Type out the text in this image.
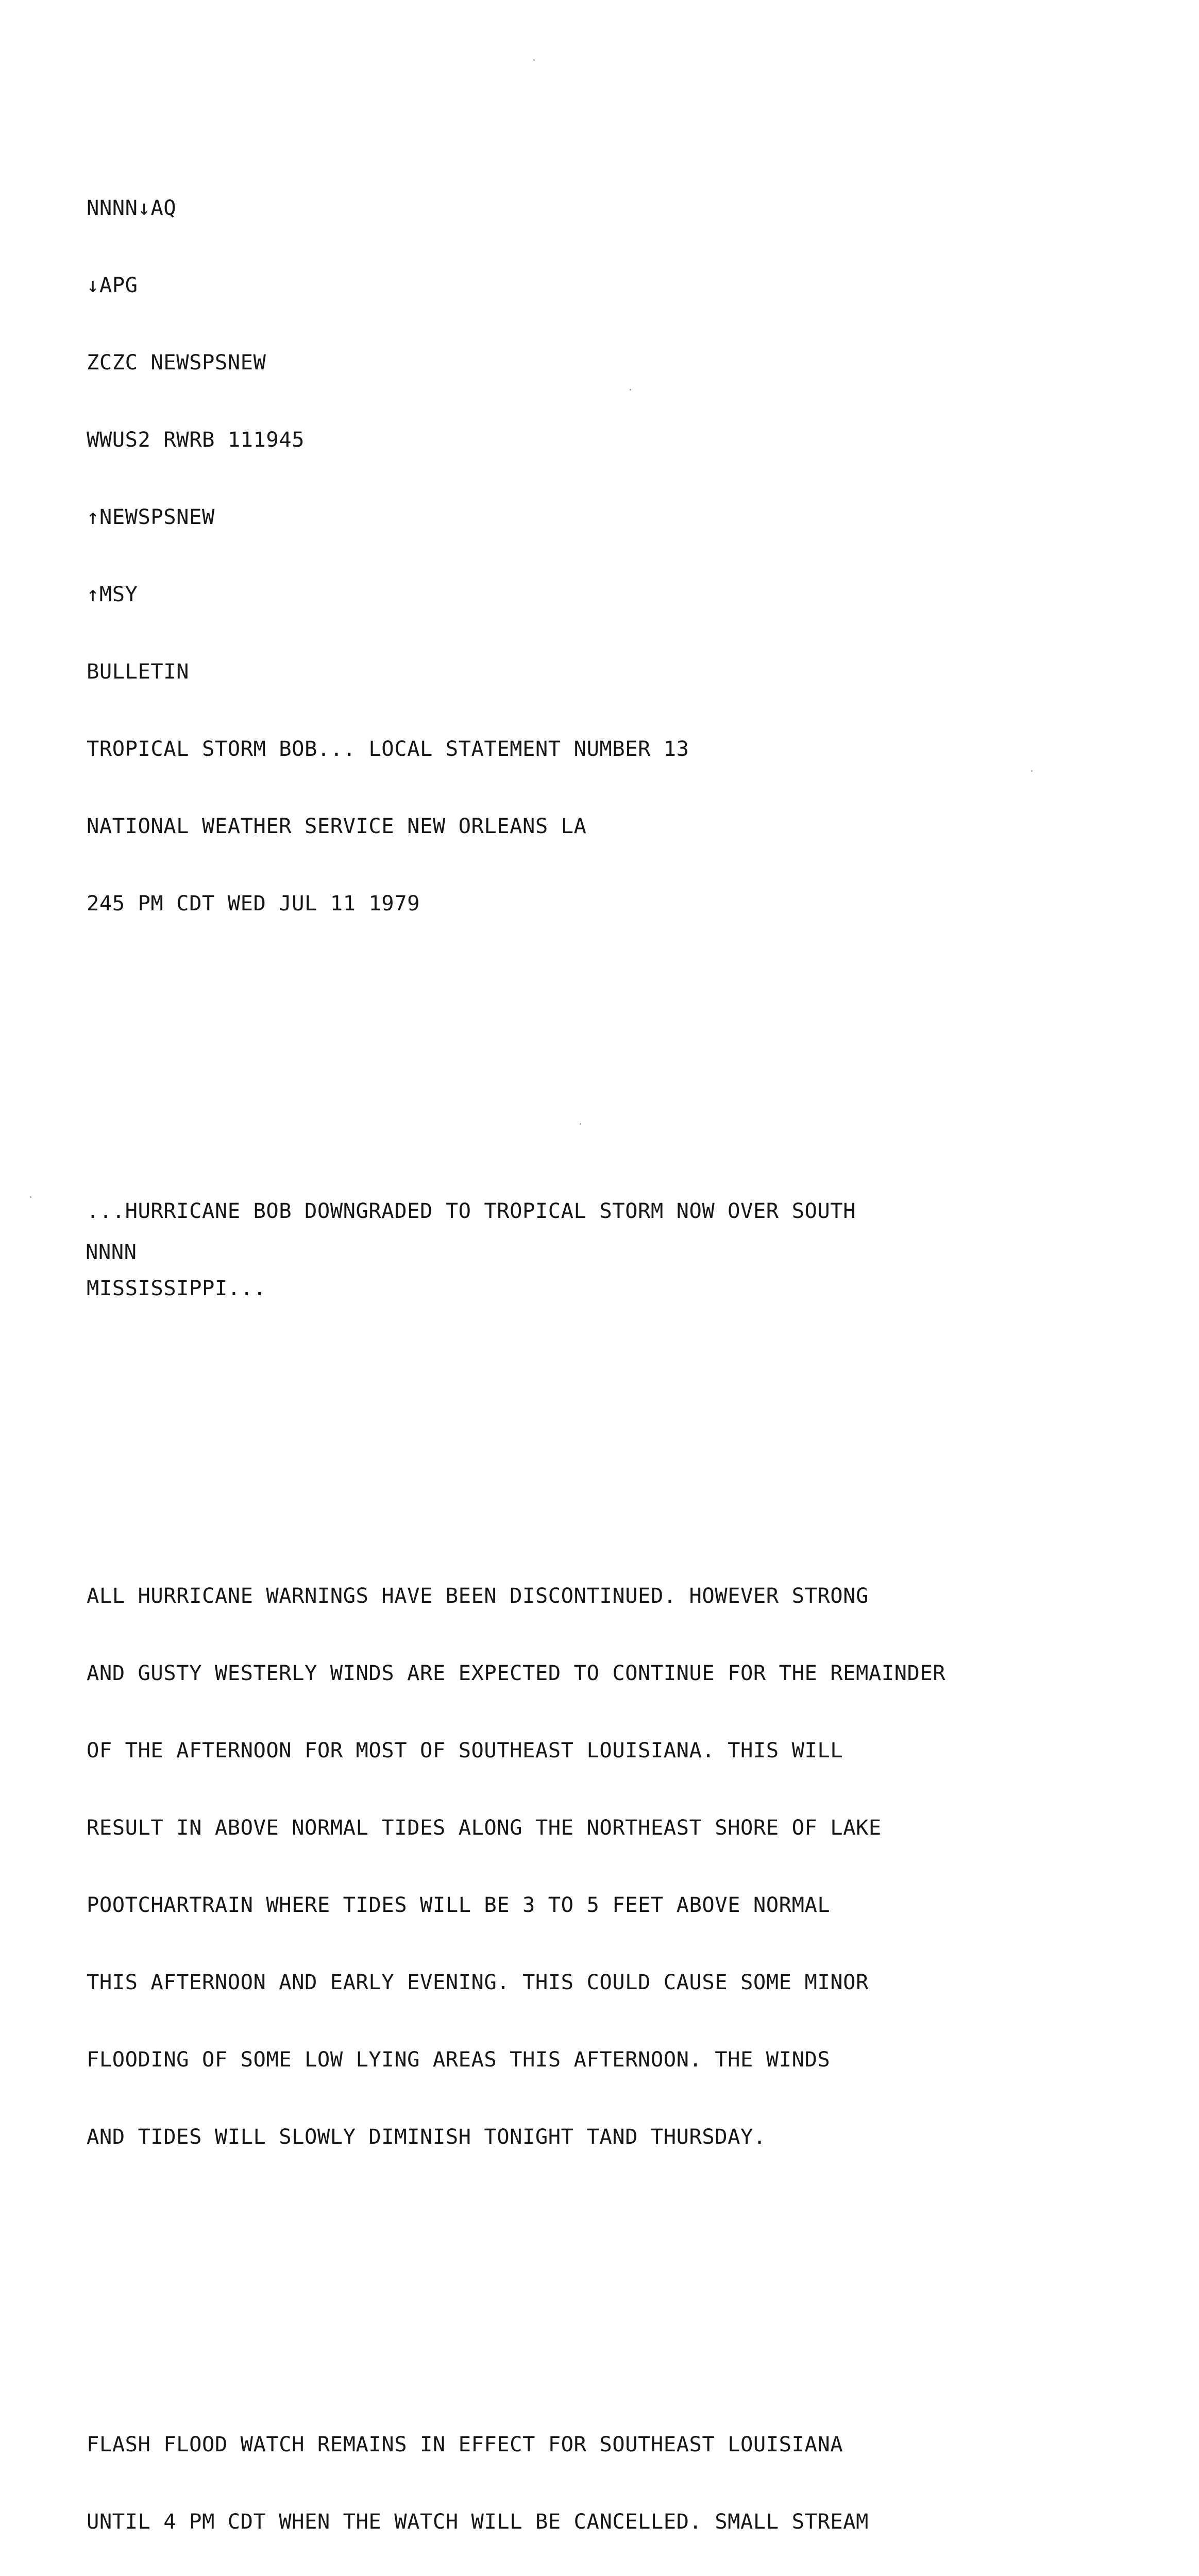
NNNN↓AQ

↓APG

ZCZC NEWSPSNEW

WWUS2 RWRB 111945

↑NEWSPSNEW

↑MSY

BULLETIN

TROPICAL STORM BOB... LOCAL STATEMENT NUMBER 13

NATIONAL WEATHER SERVICE NEW ORLEANS LA

245 PM CDT WED JUL 11 1979

...HURRICANE BOB DOWNGRADED TO TROPICAL STORM NOW OVER SOUTH

MISSISSIPPI...

ALL HURRICANE WARNINGS HAVE BEEN DISCONTINUED. HOWEVER STRONG

AND GUSTY WESTERLY WINDS ARE EXPECTED TO CONTINUE FOR THE REMAINDER

OF THE AFTERNOON FOR MOST OF SOUTHEAST LOUISIANA. THIS WILL

RESULT IN ABOVE NORMAL TIDES ALONG THE NORTHEAST SHORE OF LAKE

POOTCHARTRAIN WHERE TIDES WILL BE 3 TO 5 FEET ABOVE NORMAL

THIS AFTERNOON AND EARLY EVENING. THIS COULD CAUSE SOME MINOR

FLOODING OF SOME LOW LYING AREAS THIS AFTERNOON. THE WINDS

AND TIDES WILL SLOWLY DIMINISH TONIGHT TAND THURSDAY.

FLASH FLOOD WATCH REMAINS IN EFFECT FOR SOUTHEAST LOUISIANA

UNTIL 4 PM CDT WHEN THE WATCH WILL BE CANCELLED. SMALL STREAM

NNNN
